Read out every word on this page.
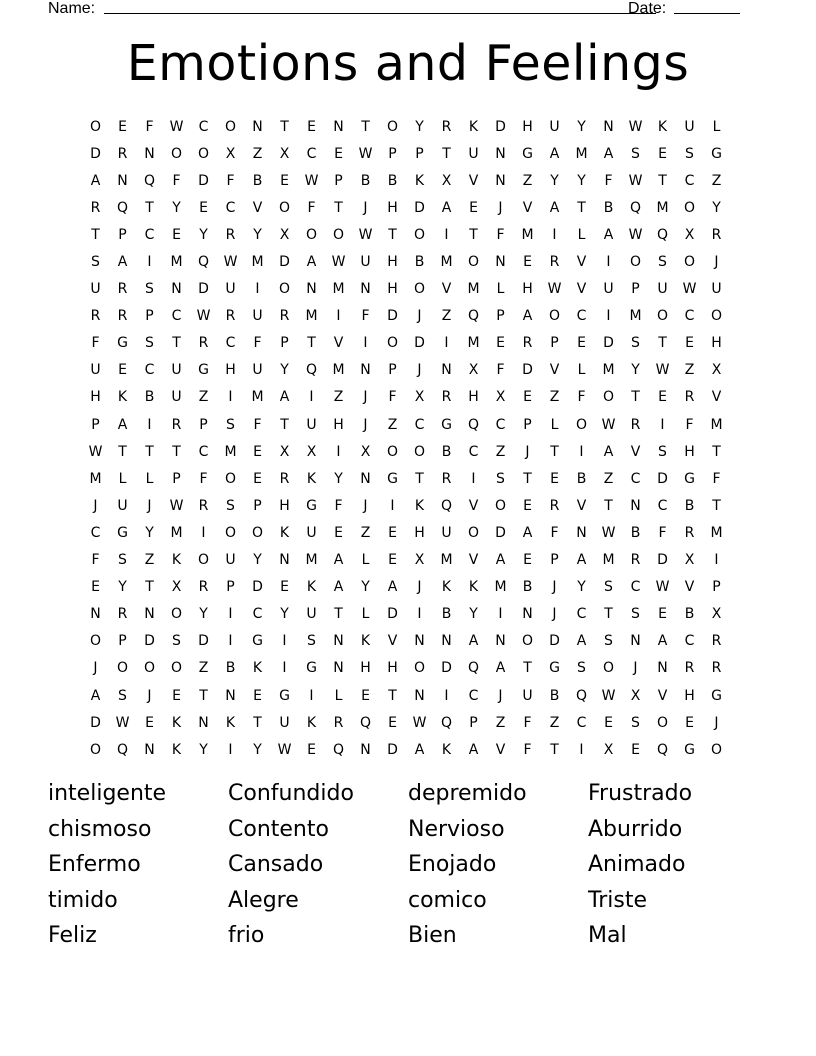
Name:	Date:
Emotions and Feelings
O	E	F	W	C	O	N	T	E	N	T	O	Y	R	K	D	H	U	Y	N	W	K	U	L
D	R	N	O	O	X	Z	X	C	E	W	P	P	T	U	N	G	A	M	A	S	E	S	G
A	N	Q	F	D	F	B	E	W	P	B	B	K	X	V	N	Z	Y	Y	F	W	T	C	Z
R	Q	T	Y	E	C	V	O	F	T	J	H	D	A	E	J	V	A	T	B	Q	M	O	Y
T	P	C	E	Y	R	Y	X	O	O	W	T	O	I	T	F	M	I	L	A	W	Q	X	R
S	A	I	M	Q	W	M	D	A	W	U	H	B	M	O	N	E	R	V	I	O	S	O	J
U	R	S	N	D	U	I	O	N	M	N	H	O	V	M	L	H	W	V	U	P	U	W	U
R	R	P	C	W	R	U	R	M	I	F	D	J	Z	Q	P	A	O	C	I	M	O	C	O
F	G	S	T	R	C	F	P	T	V	I	O	D	I	M	E	R	P	E	D	S	T	E	H
U	E	C	U	G	H	U	Y	Q	M	N	P	J	N	X	F	D	V	L	M	Y	W	Z	X
H	K	B	U	Z	I	M	A	I	Z	J	F	X	R	H	X	E	Z	F	O	T	E	R	V
P	A	I	R	P	S	F	T	U	H	J	Z	C	G	Q	C	P	L	O	W	R	I	F	M
W	T	T	T	C	M	E	X	X	I	X	O	O	B	C	Z	J	T	I	A	V	S	H	T
M	L	L	P	F	O	E	R	K	Y	N	G	T	R	I	S	T	E	B	Z	C	D	G	F
J	U	J	W	R	S	P	H	G	F	J	I	K	Q	V	O	E	R	V	T	N	C	B	T
C	G	Y	M	I	O	O	K	U	E	Z	E	H	U	O	D	A	F	N	W	B	F	R	M
F	S	Z	K	O	U	Y	N	M	A	L	E	X	M	V	A	E	P	A	M	R	D	X	I
E	Y	T	X	R	P	D	E	K	A	Y	A	J	K	K	M	B	J	Y	S	C	W	V	P
N	R	N	O	Y	I	C	Y	U	T	L	D	I	B	Y	I	N	J	C	T	S	E	B	X
O	P	D	S	D	I	G	I	S	N	K	V	N	N	A	N	O	D	A	S	N	A	C	R
J	O	O	O	Z	B	K	I	G	N	H	H	O	D	Q	A	T	G	S	O	J	N	R	R
A	S	J	E	T	N	E	G	I	L	E	T	N	I	C	J	U	B	Q	W	X	V	H	G
D	W	E	K	N	K	T	U	K	R	Q	E	W	Q	P	Z	F	Z	C	E	S	O	E	J
O	Q	N	K	Y	I	Y	W	E	Q	N	D	A	K	A	V	F	T	I	X	E	Q	G	O
inteligente	Confundido	depremido	Frustrado
chismoso	Contento	Nervioso	Aburrido
Enfermo	Cansado	Enojado	Animado
timido	Alegre	comico	Triste
Feliz	frio	Bien	Mal
